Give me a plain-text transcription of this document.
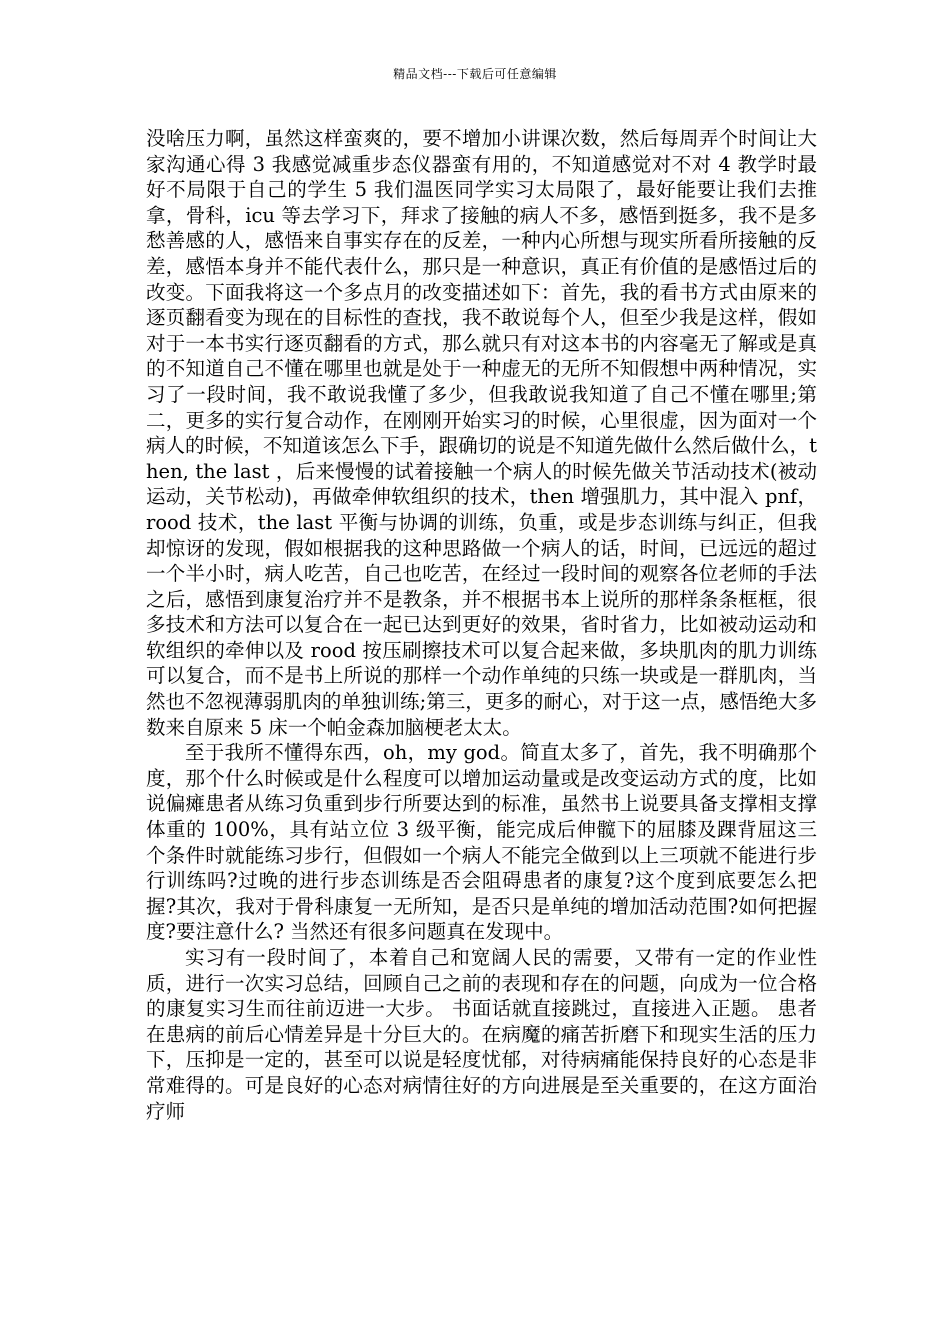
精品文档---下载后可任意编辑

没啥压力啊，虽然这样蛮爽的，要不增加小讲课次数，然后每周弄个时间让大家沟通心得 3 我感觉减重步态仪器蛮有用的，不知道感觉对不对 4 教学时最好不局限于自己的学生 5 我们温医同学实习太局限了，最好能要让我们去推拿，骨科，icu 等去学习下，拜求了接触的病人不多，感悟到挺多，我不是多愁善感的人，感悟来自事实存在的反差，一种内心所想与现实所看所接触的反差，感悟本身并不能代表什么，那只是一种意识，真正有价值的是感悟过后的改变。下面我将这一个多点月的改变描述如下：首先，我的看书方式由原来的逐页翻看变为现在的目标性的查找，我不敢说每个人，但至少我是这样，假如对于一本书实行逐页翻看的方式，那么就只有对这本书的内容毫无了解或是真的不知道自己不懂在哪里也就是处于一种虚无的无所不知假想中两种情况，实习了一段时间，我不敢说我懂了多少，但我敢说我知道了自己不懂在哪里;第二，更多的实行复合动作，在刚刚开始实习的时候，心里很虚，因为面对一个病人的时候，不知道该怎么下手，跟确切的说是不知道先做什么然后做什么，then, the last ，后来慢慢的试着接触一个病人的时候先做关节活动技术(被动运动，关节松动)，再做牵伸软组织的技术，then 增强肌力，其中混入 pnf，rood 技术，the last 平衡与协调的训练，负重，或是步态训练与纠正，但我却惊讶的发现，假如根据我的这种思路做一个病人的话，时间，已远远的超过一个半小时，病人吃苦，自己也吃苦，在经过一段时间的观察各位老师的手法之后，感悟到康复治疗并不是教条，并不根据书本上说所的那样条条框框，很多技术和方法可以复合在一起已达到更好的效果，省时省力，比如被动运动和软组织的牵伸以及 rood 按压刷擦技术可以复合起来做，多块肌肉的肌力训练可以复合，而不是书上所说的那样一个动作单纯的只练一块或是一群肌肉，当然也不忽视薄弱肌肉的单独训练;第三，更多的耐心，对于这一点，感悟绝大多数来自原来 5 床一个帕金森加脑梗老太太。

至于我所不懂得东西，oh，my god。简直太多了，首先，我不明确那个度，那个什么时候或是什么程度可以增加运动量或是改变运动方式的度，比如说偏瘫患者从练习负重到步行所要达到的标准，虽然书上说要具备支撑相支撑体重的 100%，具有站立位 3 级平衡，能完成后伸髋下的屈膝及踝背屈这三个条件时就能练习步行，但假如一个病人不能完全做到以上三项就不能进行步行训练吗?过晚的进行步态训练是否会阻碍患者的康复?这个度到底要怎么把握?其次，我对于骨科康复一无所知，是否只是单纯的增加活动范围?如何把握度?要注意什么? 当然还有很多问题真在发现中。

实习有一段时间了，本着自己和宽阔人民的需要，又带有一定的作业性质，进行一次实习总结，回顾自己之前的表现和存在的问题，向成为一位合格的康复实习生而往前迈进一大步。 书面话就直接跳过，直接进入正题。 患者在患病的前后心情差异是十分巨大的。在病魔的痛苦折磨下和现实生活的压力下，压抑是一定的，甚至可以说是轻度忧郁，对待病痛能保持良好的心态是非常难得的。可是良好的心态对病情往好的方向进展是至关重要的，在这方面治疗师
